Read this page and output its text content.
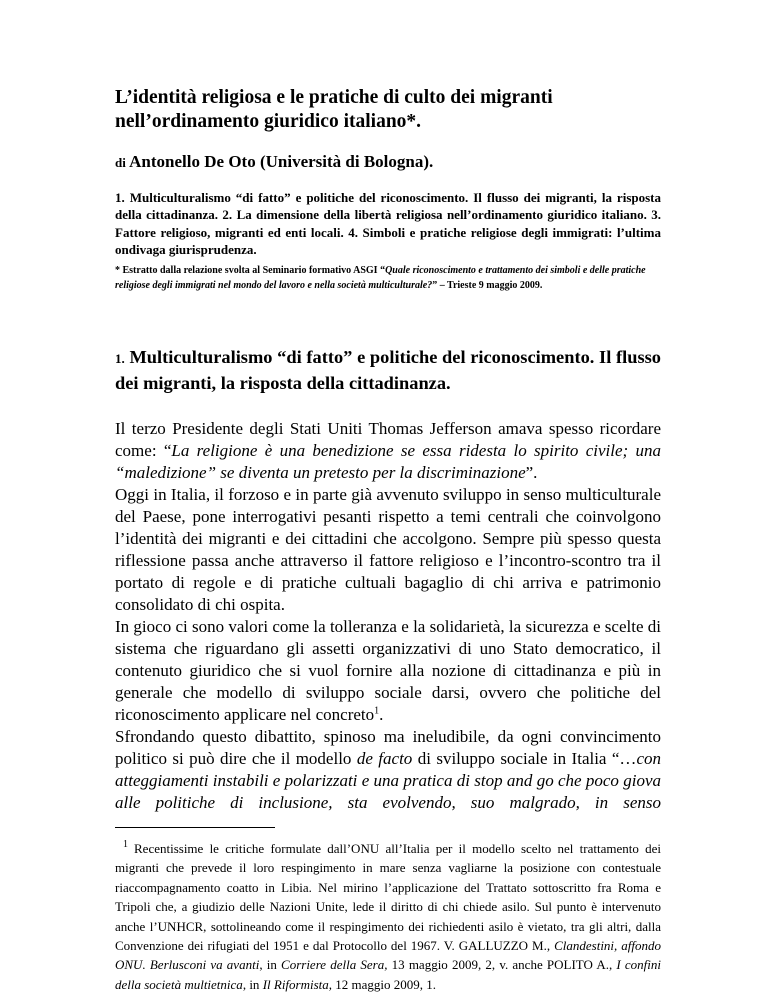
L’identità religiosa e le pratiche di culto dei migranti
nell’ordinamento giuridico italiano*.
di Antonello De Oto (Università di Bologna).
1. Multiculturalismo “di fatto” e politiche del riconoscimento. Il flusso dei migranti, la risposta della cittadinanza. 2. La dimensione della libertà religiosa nell’ordinamento giuridico italiano. 3. Fattore religioso, migranti ed enti locali. 4. Simboli e pratiche religiose degli immigrati: l’ultima ondivaga giurisprudenza.
* Estratto dalla relazione svolta al Seminario formativo ASGI “Quale riconoscimento e trattamento dei simboli e delle pratiche religiose degli immigrati nel mondo del lavoro e nella società multiculturale?” – Trieste 9 maggio 2009.
1. Multiculturalismo “di fatto” e politiche del riconoscimento. Il flusso dei migranti, la risposta della cittadinanza.

Il terzo Presidente degli Stati Uniti Thomas Jefferson amava spesso ricordare come: “La religione è una benedizione se essa ridesta lo spirito civile; una “maledizione” se diventa un pretesto per la discriminazione”.

Oggi in Italia, il forzoso e in parte già avvenuto sviluppo in senso multiculturale del Paese, pone interrogativi pesanti rispetto a temi centrali che coinvolgono l’identità dei migranti e dei cittadini che accolgono. Sempre più spesso questa riflessione passa anche attraverso il fattore religioso e l’incontro-scontro tra il portato di regole e di pratiche cultuali bagaglio di chi arriva e patrimonio consolidato di chi ospita.

In gioco ci sono valori come la tolleranza e la solidarietà, la sicurezza e scelte di sistema che riguardano gli assetti organizzativi di uno Stato democratico, il contenuto giuridico che si vuol fornire alla nozione di cittadinanza e più in generale che modello di sviluppo sociale darsi, ovvero che politiche del riconoscimento applicare nel concreto$^1$.

Sfrondando questo dibattito, spinoso ma ineludibile, da ogni convincimento politico si può dire che il modello de facto di sviluppo sociale in Italia “…con atteggiamenti instabili e polarizzati e una pratica di stop and go che poco giova alle politiche di inclusione, sta evolvendo, suo malgrado, in senso

$^1$ Recentissime le critiche formulate dall’ONU all’Italia per il modello scelto nel trattamento dei migranti che prevede il loro respingimento in mare senza vagliarne la posizione con contestuale riaccompagnamento coatto in Libia. Nel mirino l’applicazione del Trattato sottoscritto fra Roma e Tripoli che, a giudizio delle Nazioni Unite, lede il diritto di chi chiede asilo. Sul punto è intervenuto anche l’UNHCR, sottolineando come il respingimento dei richiedenti asilo è vietato, tra gli altri, dalla Convenzione dei rifugiati del 1951 e dal Protocollo del 1967. V. GALLUZZO M., Clandestini, affondo ONU. Berlusconi va avanti, in Corriere della Sera, 13 maggio 2009, 2, v. anche POLITO A., I confini della società multietnica, in Il Riformista, 12 maggio 2009, 1.
